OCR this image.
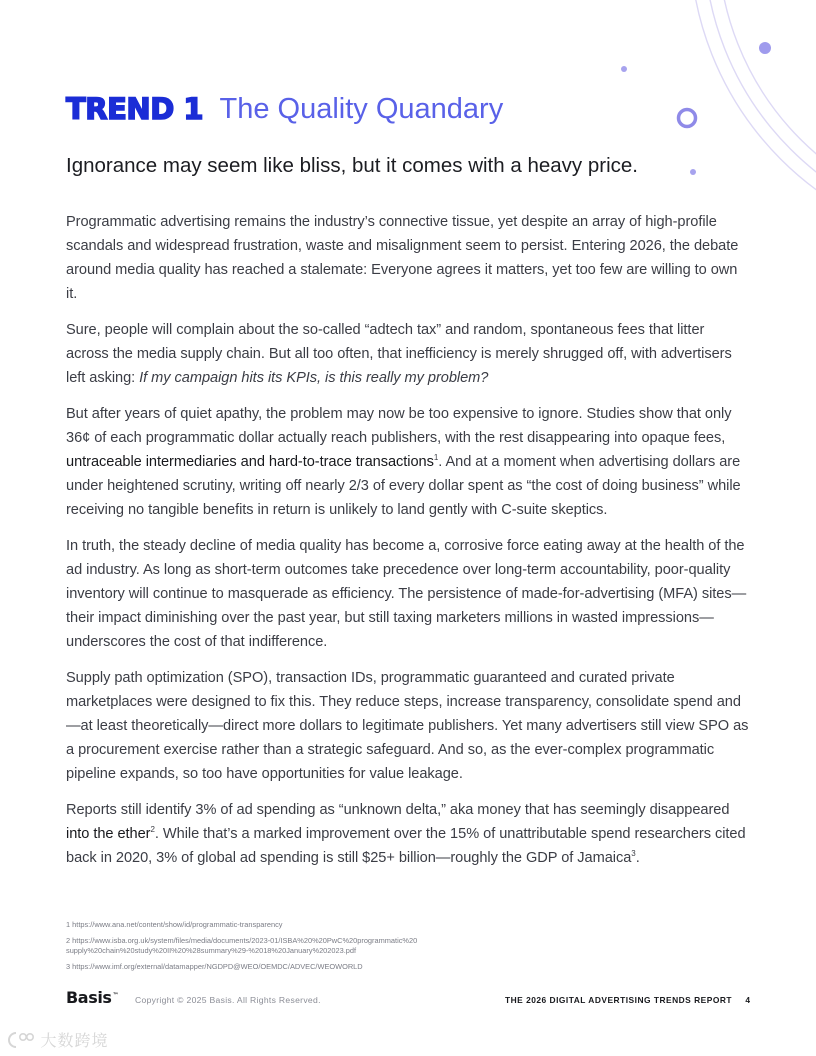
TREND 1 The Quality Quandary
Ignorance may seem like bliss, but it comes with a heavy price.

Programmatic advertising remains the industry’s connective tissue, yet despite an array of high-profile scandals and widespread frustration, waste and misalignment seem to persist. Entering 2026, the debate around media quality has reached a stalemate: Everyone agrees it matters, yet too few are willing to own it.

Sure, people will complain about the so-called “adtech tax” and random, spontaneous fees that litter across the media supply chain. But all too often, that inefficiency is merely shrugged off, with advertisers left asking: If my campaign hits its KPIs, is this really my problem?

But after years of quiet apathy, the problem may now be too expensive to ignore. Studies show that only 36¢ of each programmatic dollar actually reach publishers, with the rest disappearing into opaque fees, untraceable intermediaries and hard-to-trace transactions$^1$. And at a moment when advertising dollars are under heightened scrutiny, writing off nearly 2/3 of every dollar spent as “the cost of doing business” while receiving no tangible benefits in return is unlikely to land gently with C-suite skeptics.

In truth, the steady decline of media quality has become a, corrosive force eating away at the health of the ad industry. As long as short-term outcomes take precedence over long-term accountability, poor-quality inventory will continue to masquerade as efficiency. The persistence of made-for-advertising (MFA) sites—their impact diminishing over the past year, but still taxing marketers millions in wasted impressions—underscores the cost of that indifference.

Supply path optimization (SPO), transaction IDs, programmatic guaranteed and curated private marketplaces were designed to fix this. They reduce steps, increase transparency, consolidate spend and—at least theoretically—direct more dollars to legitimate publishers. Yet many advertisers still view SPO as a procurement exercise rather than a strategic safeguard. And so, as the ever-complex programmatic pipeline expands, so too have opportunities for value leakage.

Reports still identify 3% of ad spending as “unknown delta,” aka money that has seemingly disappeared into the ether$^2$. While that’s a marked improvement over the 15% of unattributable spend researchers cited back in 2020, 3% of global ad spending is still $25+ billion—roughly the GDP of Jamaica$^3$.

1 https://www.ana.net/content/show/id/programmatic-transparency

2 https://www.isba.org.uk/system/files/media/documents/2023-01/ISBA%20%20PwC%20programmatic%20 supply%20chain%20study%20II%20%28summary%29-%2018%20January%202023.pdf

3 https://www.imf.org/external/datamapper/NGDPD@WEO/OEMDC/ADVEC/WEOWORLD

Basis™ Copyright © 2025 Basis. All Rights Reserved.	THE 2026 DIGITAL ADVERTISING TRENDS REPORT 4
大数跨境
